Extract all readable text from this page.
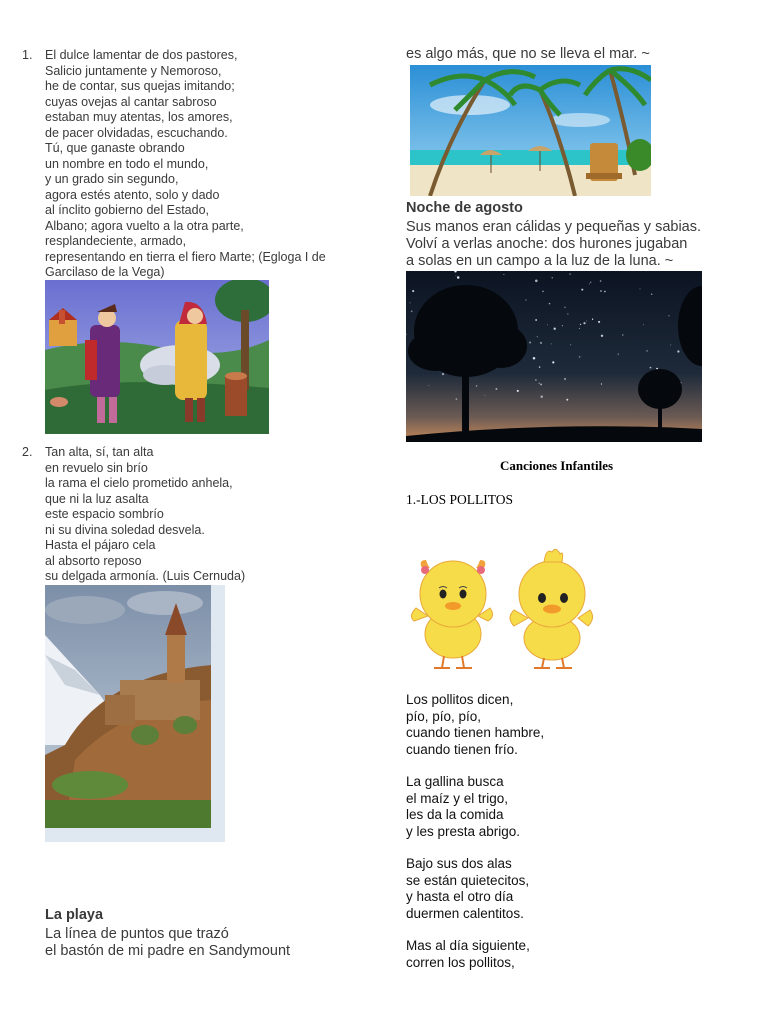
1. El dulce lamentar de dos pastores,
Salicio juntamente y Nemoroso,
he de contar, sus quejas imitando;
cuyas ovejas al cantar sabroso
estaban muy atentas, los amores,
de pacer olvidadas, escuchando.
Tú, que ganaste obrando
un nombre en todo el mundo,
y un grado sin segundo,
agora estés atento, solo y dado
al ínclito gobierno del Estado,
Albano; agora vuelto a la otra parte,
resplandeciente, armado,
representando en tierra el fiero Marte; (Egloga I de
Garcilaso de la Vega)
2. Tan alta, sí, tan alta
en revuelo sin brío
la rama el cielo prometido anhela,
que ni la luz asalta
este espacio sombrío
ni su divina soledad desvela.
Hasta el pájaro cela
al absorto reposo
su delgada armonía. (Luis Cernuda)
La playa
La línea de puntos que trazó
el bastón de mi padre en Sandymount
es algo más, que no se lleva el mar. ~
Noche de agosto
Sus manos eran cálidas y pequeñas y sabias.
Volví a verlas anoche: dos hurones jugaban
a solas en un campo a la luz de la luna. ~
Canciones Infantiles
1.-LOS POLLITOS
Los pollitos dicen,
pío, pío, pío,
cuando tienen hambre,
cuando tienen frío.
La gallina busca
el maíz y el trigo,
les da la comida
y les presta abrigo.
Bajo sus dos alas
se están quietecitos,
y hasta el otro día
duermen calentitos.
Mas al día siguiente,
corren los pollitos,
